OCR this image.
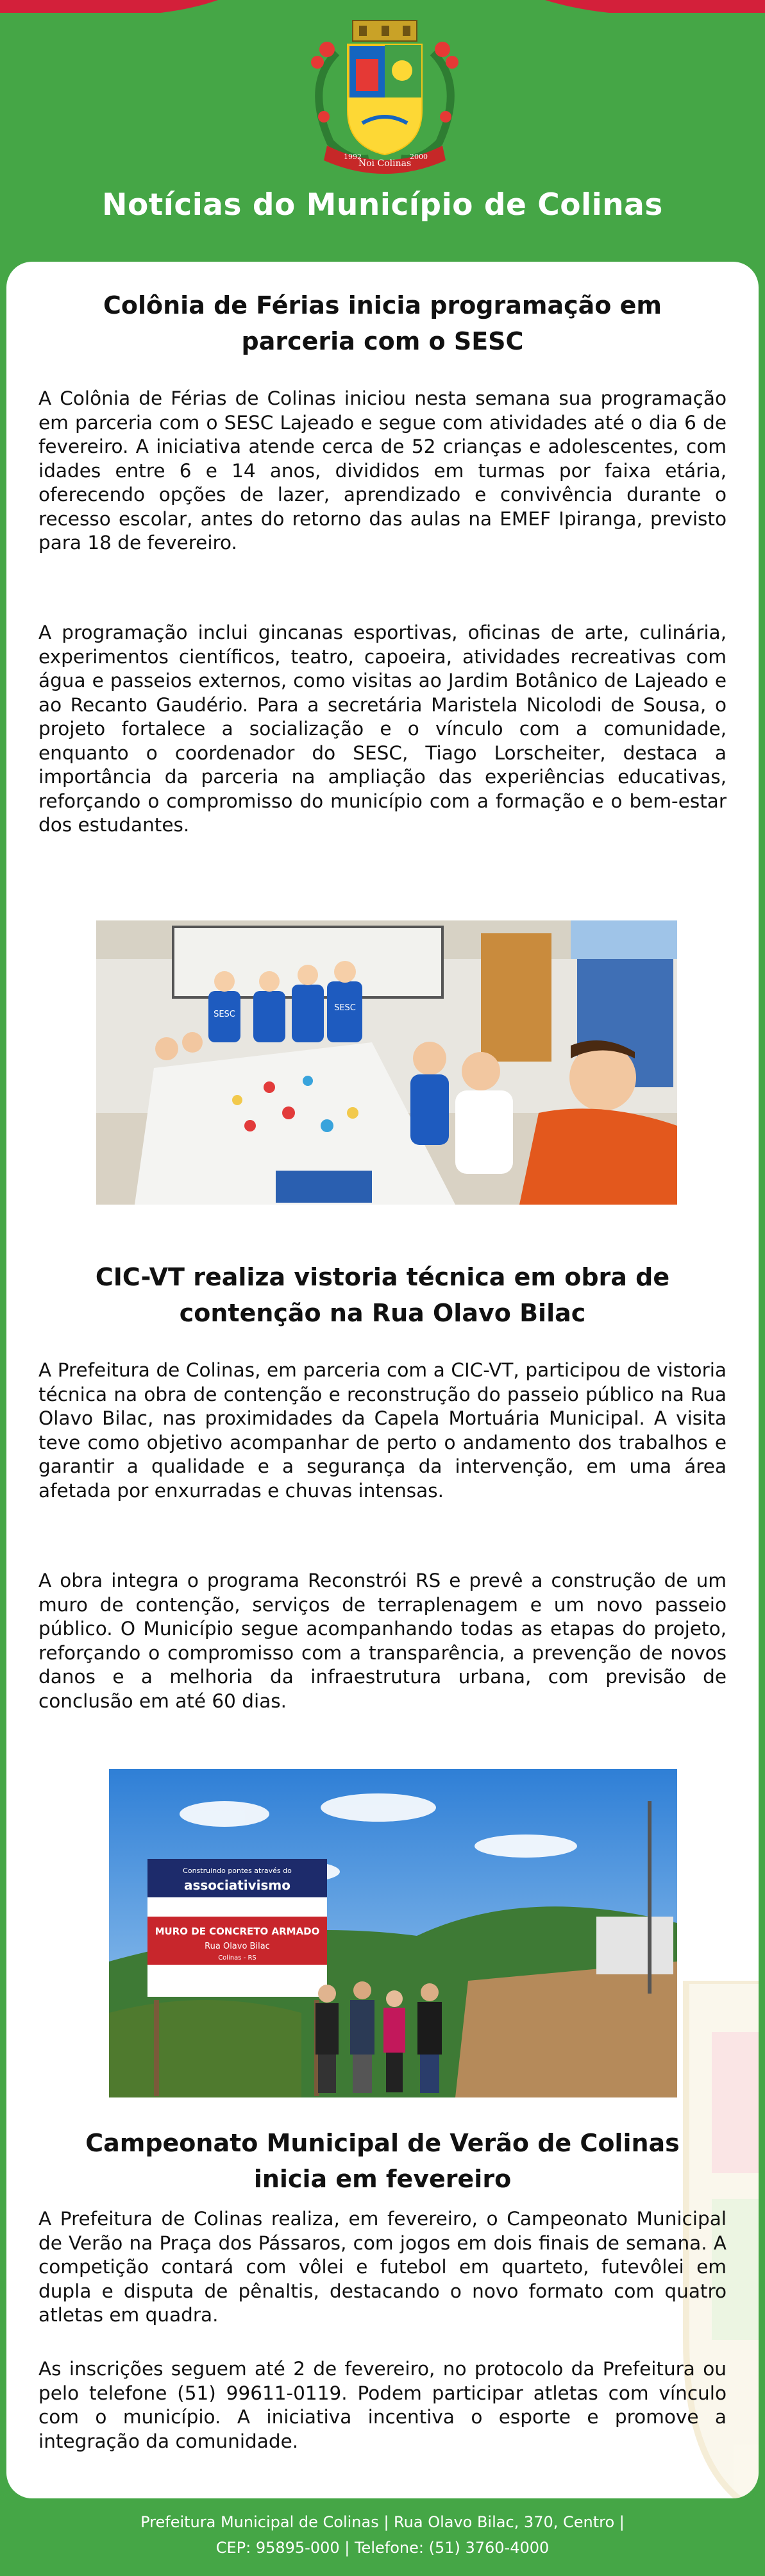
Noi Colinas
1992	2000
Notícias do Município de Colinas
Colônia de Férias inicia programação em
parceria com o SESC

A Colônia de Férias de Colinas iniciou nesta semana sua programação em parceria com o SESC Lajeado e segue com atividades até o dia 6 de fevereiro. A iniciativa atende cerca de 52 crianças e adolescentes, com idades entre 6 e 14 anos, divididos em turmas por faixa etária, oferecendo opções de lazer, aprendizado e convivência durante o recesso escolar, antes do retorno das aulas na EMEF Ipiranga, previsto para 18 de fevereiro.

A programação inclui gincanas esportivas, oficinas de arte, culinária, experimentos científicos, teatro, capoeira, atividades recreativas com água e passeios externos, como visitas ao Jardim Botânico de Lajeado e ao Recanto Gaudério. Para a secretária Maristela Nicolodi de Sousa, o projeto fortalece a socialização e o vínculo com a comunidade, enquanto o coordenador do SESC, Tiago Lorscheiter, destaca a importância da parceria na ampliação das experiências educativas, reforçando o compromisso do município com a formação e o bem-estar dos estudantes.

SESC
SESC
CIC-VT realiza vistoria técnica em obra de
contenção na Rua Olavo Bilac

A Prefeitura de Colinas, em parceria com a CIC-VT, participou de vistoria técnica na obra de contenção e reconstrução do passeio público na Rua Olavo Bilac, nas proximidades da Capela Mortuária Municipal. A visita teve como objetivo acompanhar de perto o andamento dos trabalhos e garantir a qualidade e a segurança da intervenção, em uma área afetada por enxurradas e chuvas intensas.

A obra integra o programa Reconstrói RS e prevê a construção de um muro de contenção, serviços de terraplenagem e um novo passeio público. O Município segue acompanhando todas as etapas do projeto, reforçando o compromisso com a transparência, a prevenção de novos danos e a melhoria da infraestrutura urbana, com previsão de conclusão em até 60 dias.

Construindo pontes através do
associativismo
MURO DE CONCRETO ARMADO
Rua Olavo Bilac
Colinas - RS
Campeonato Municipal de Verão de Colinas
inicia em fevereiro

A Prefeitura de Colinas realiza, em fevereiro, o Campeonato Municipal de Verão na Praça dos Pássaros, com jogos em dois finais de semana. A competição contará com vôlei e futebol em quarteto, futevôlei em dupla e disputa de pênaltis, destacando o novo formato com quatro atletas em quadra.

As inscrições seguem até 2 de fevereiro, no protocolo da Prefeitura ou pelo telefone (51) 99611-0119. Podem participar atletas com vínculo com o município. A iniciativa incentiva o esporte e promove a integração da comunidade.

Prefeitura Municipal de Colinas | Rua Olavo Bilac, 370, Centro |
CEP: 95895-000 | Telefone: (51) 3760-4000
